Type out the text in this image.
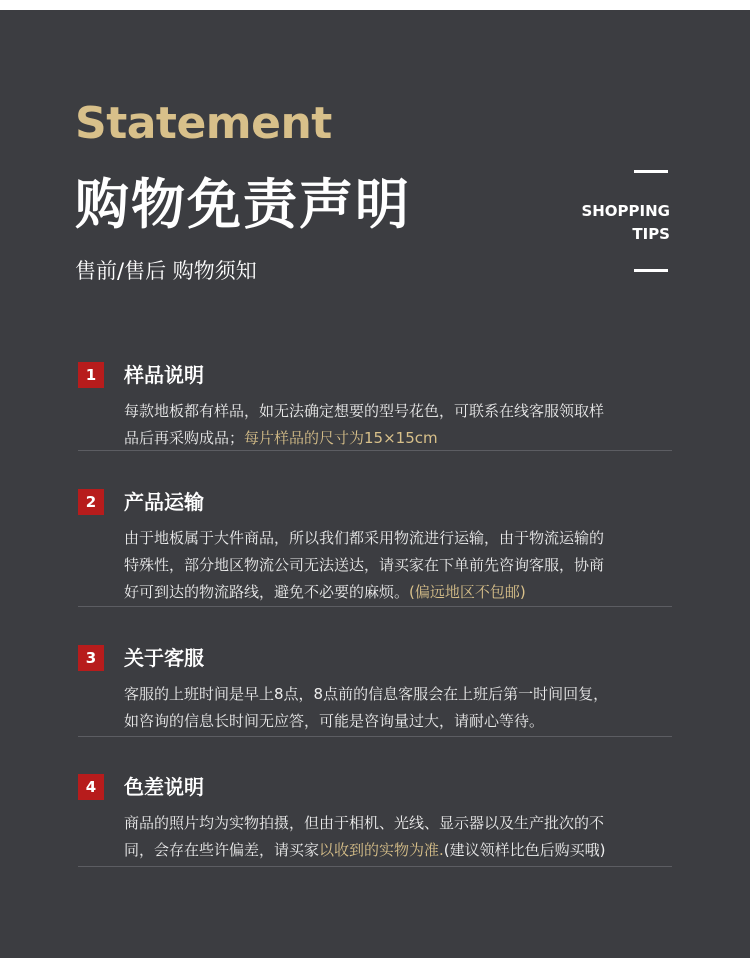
Statement
购物免责声明

售前/售后 购物须知

SHOPPING
TIPS
1	样品说明
每款地板都有样品，如无法确定想要的型号花色，可联系在线客服领取样
品后再采购成品；每片样品的尺寸为15×15cm
2	产品运输
由于地板属于大件商品，所以我们都采用物流进行运输，由于物流运输的
特殊性，部分地区物流公司无法送达，请买家在下单前先咨询客服，协商
好可到达的物流路线，避免不必要的麻烦。(偏远地区不包邮)
3	关于客服
客服的上班时间是早上8点，8点前的信息客服会在上班后第一时间回复，
如咨询的信息长时间无应答，可能是咨询量过大，请耐心等待。
4	色差说明
商品的照片均为实物拍摄，但由于相机、光线、显示器以及生产批次的不
同，会存在些许偏差，请买家以收到的实物为准.(建议领样比色后购买哦)
